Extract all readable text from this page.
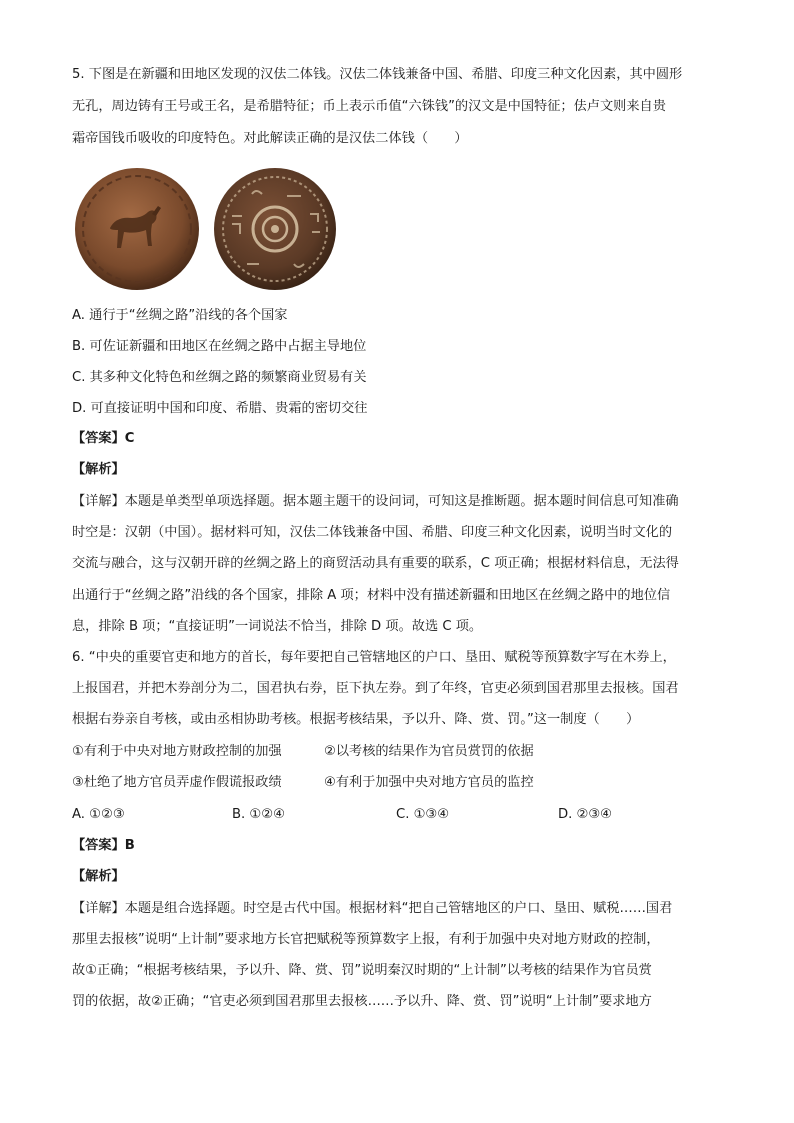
5. 下图是在新疆和田地区发现的汉佉二体钱。汉佉二体钱兼备中国、希腊、印度三种文化因素，其中圆形
无孔，周边铸有王号或王名，是希腊特征；币上表示币值“六铢钱”的汉文是中国特征；佉卢文则来自贵
霜帝国钱币吸收的印度特色。对此解读正确的是汉佉二体钱（　　）
A. 通行于“丝绸之路”沿线的各个国家
B. 可佐证新疆和田地区在丝绸之路中占据主导地位
C. 其多种文化特色和丝绸之路的频繁商业贸易有关
D. 可直接证明中国和印度、希腊、贵霜的密切交往
【答案】C
【解析】
【详解】本题是单类型单项选择题。据本题主题干的设问词，可知这是推断题。据本题时间信息可知准确
时空是：汉朝（中国）。据材料可知，汉佉二体钱兼备中国、希腊、印度三种文化因素，说明当时文化的
交流与融合，这与汉朝开辟的丝绸之路上的商贸活动具有重要的联系，C 项正确；根据材料信息，无法得
出通行于“丝绸之路”沿线的各个国家，排除 A 项；材料中没有描述新疆和田地区在丝绸之路中的地位信
息，排除 B 项；“直接证明”一词说法不恰当，排除 D 项。故选 C 项。
6. “中央的重要官吏和地方的首长，每年要把自己管辖地区的户口、垦田、赋税等预算数字写在木券上，
上报国君，并把木券剖分为二，国君执右券，臣下执左券。到了年终，官吏必须到国君那里去报核。国君
根据右券亲自考核，或由丞相协助考核。根据考核结果，予以升、降、赏、罚。”这一制度（　　）
①有利于中央对地方财政控制的加强	②以考核的结果作为官员赏罚的依据
③杜绝了地方官员弄虚作假谎报政绩	④有利于加强中央对地方官员的监控
A. ①②③	B. ①②④	C. ①③④	D. ②③④
【答案】B
【解析】
【详解】本题是组合选择题。时空是古代中国。根据材料“把自己管辖地区的户口、垦田、赋税……国君
那里去报核”说明“上计制”要求地方长官把赋税等预算数字上报，有利于加强中央对地方财政的控制，
故①正确；“根据考核结果，予以升、降、赏、罚”说明秦汉时期的“上计制”以考核的结果作为官员赏
罚的依据，故②正确；“官吏必须到国君那里去报核……予以升、降、赏、罚”说明“上计制”要求地方
